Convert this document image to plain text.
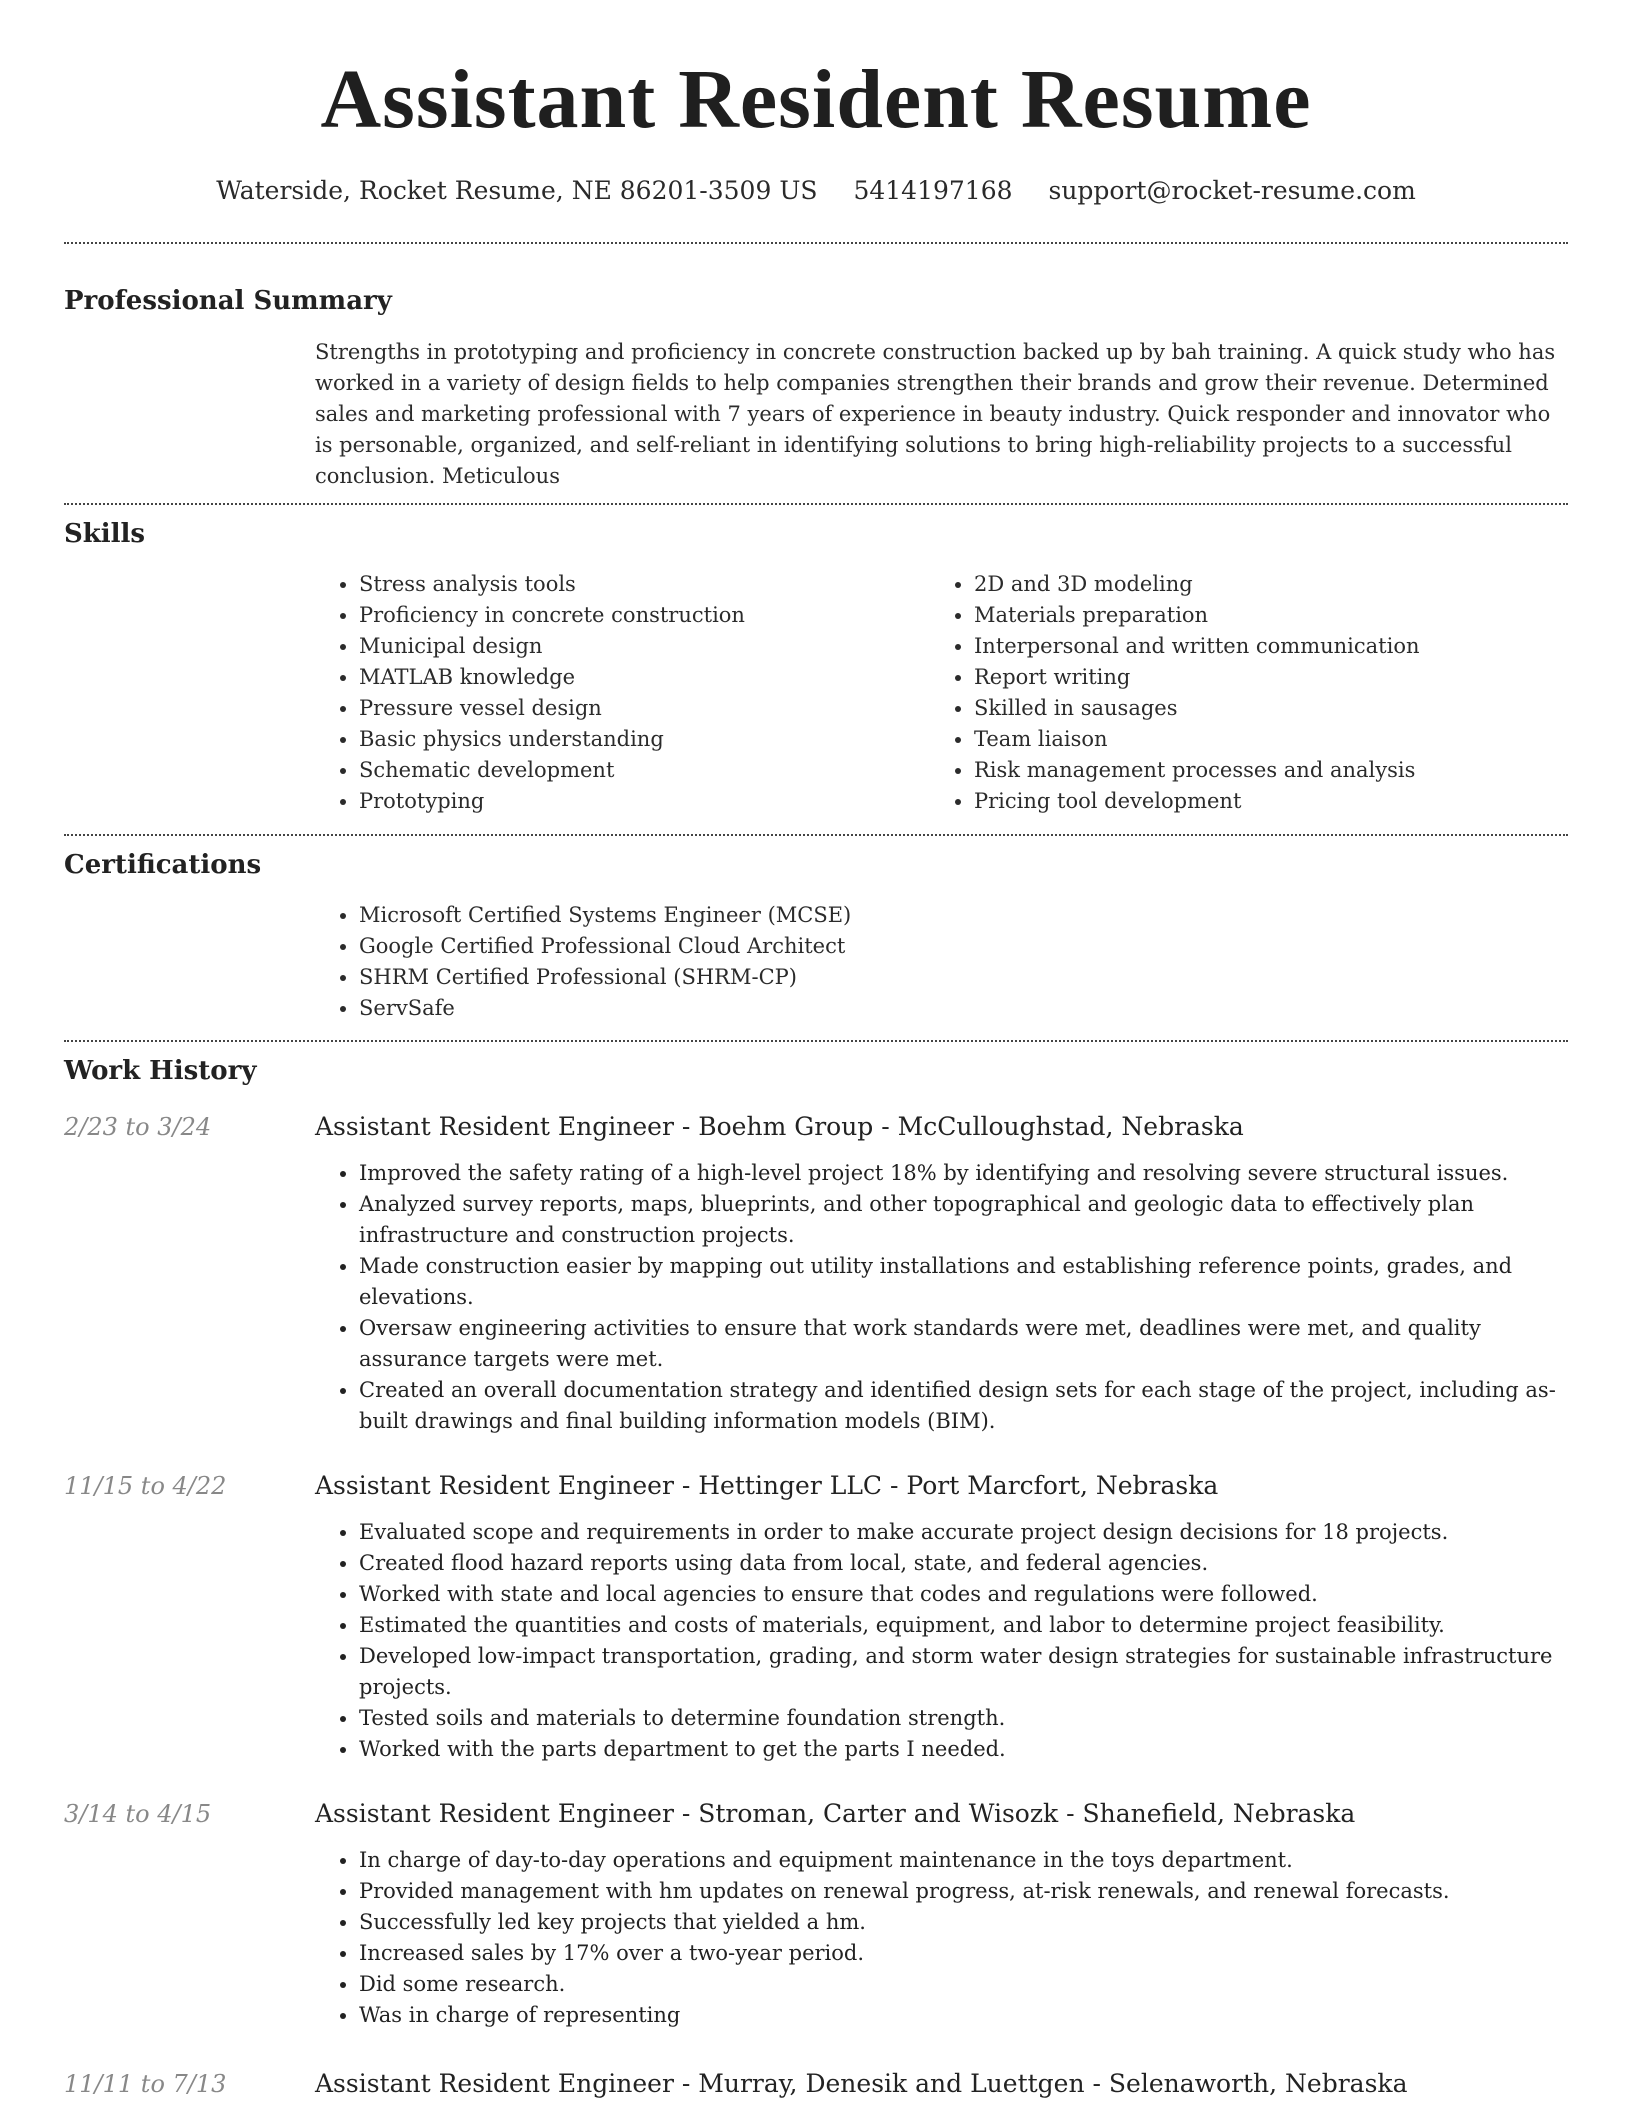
Assistant Resident Resume
Waterside, Rocket Resume, NE 86201-3509 US 5414197168 support@rocket-resume.com
Professional Summary

Strengths in prototyping and proficiency in concrete construction backed up by bah training. A quick study who has worked in a variety of design fields to help companies strengthen their brands and grow their revenue. Determined sales and marketing professional with 7 years of experience in beauty industry. Quick responder and innovator who is personable, organized, and self-reliant in identifying solutions to bring high-reliability projects to a successful conclusion. Meticulous

Skills
• Stress analysis tools
• Proficiency in concrete construction
• Municipal design
• MATLAB knowledge
• Pressure vessel design
• Basic physics understanding
• Schematic development
• Prototyping
• 2D and 3D modeling
• Materials preparation
• Interpersonal and written communication
• Report writing
• Skilled in sausages
• Team liaison
• Risk management processes and analysis
• Pricing tool development
Certifications
• Microsoft Certified Systems Engineer (MCSE)
• Google Certified Professional Cloud Architect
• SHRM Certified Professional (SHRM-CP)
• ServSafe
Work History
2/23 to 3/24	Assistant Resident Engineer - Boehm Group - McCulloughstad, Nebraska
• Improved the safety rating of a high-level project 18% by identifying and resolving severe structural issues.
• Analyzed survey reports, maps, blueprints, and other topographical and geologic data to effectively plan infrastructure and construction projects.
• Made construction easier by mapping out utility installations and establishing reference points, grades, and elevations.
• Oversaw engineering activities to ensure that work standards were met, deadlines were met, and quality assurance targets were met.
• Created an overall documentation strategy and identified design sets for each stage of the project, including as-built drawings and final building information models (BIM).
11/15 to 4/22	Assistant Resident Engineer - Hettinger LLC - Port Marcfort, Nebraska
• Evaluated scope and requirements in order to make accurate project design decisions for 18 projects.
• Created flood hazard reports using data from local, state, and federal agencies.
• Worked with state and local agencies to ensure that codes and regulations were followed.
• Estimated the quantities and costs of materials, equipment, and labor to determine project feasibility.
• Developed low-impact transportation, grading, and storm water design strategies for sustainable infrastructure projects.
• Tested soils and materials to determine foundation strength.
• Worked with the parts department to get the parts I needed.
3/14 to 4/15	Assistant Resident Engineer - Stroman, Carter and Wisozk - Shanefield, Nebraska
• In charge of day-to-day operations and equipment maintenance in the toys department.
• Provided management with hm updates on renewal progress, at-risk renewals, and renewal forecasts.
• Successfully led key projects that yielded a hm.
• Increased sales by 17% over a two-year period.
• Did some research.
• Was in charge of representing
11/11 to 7/13	Assistant Resident Engineer - Murray, Denesik and Luettgen - Selenaworth, Nebraska
